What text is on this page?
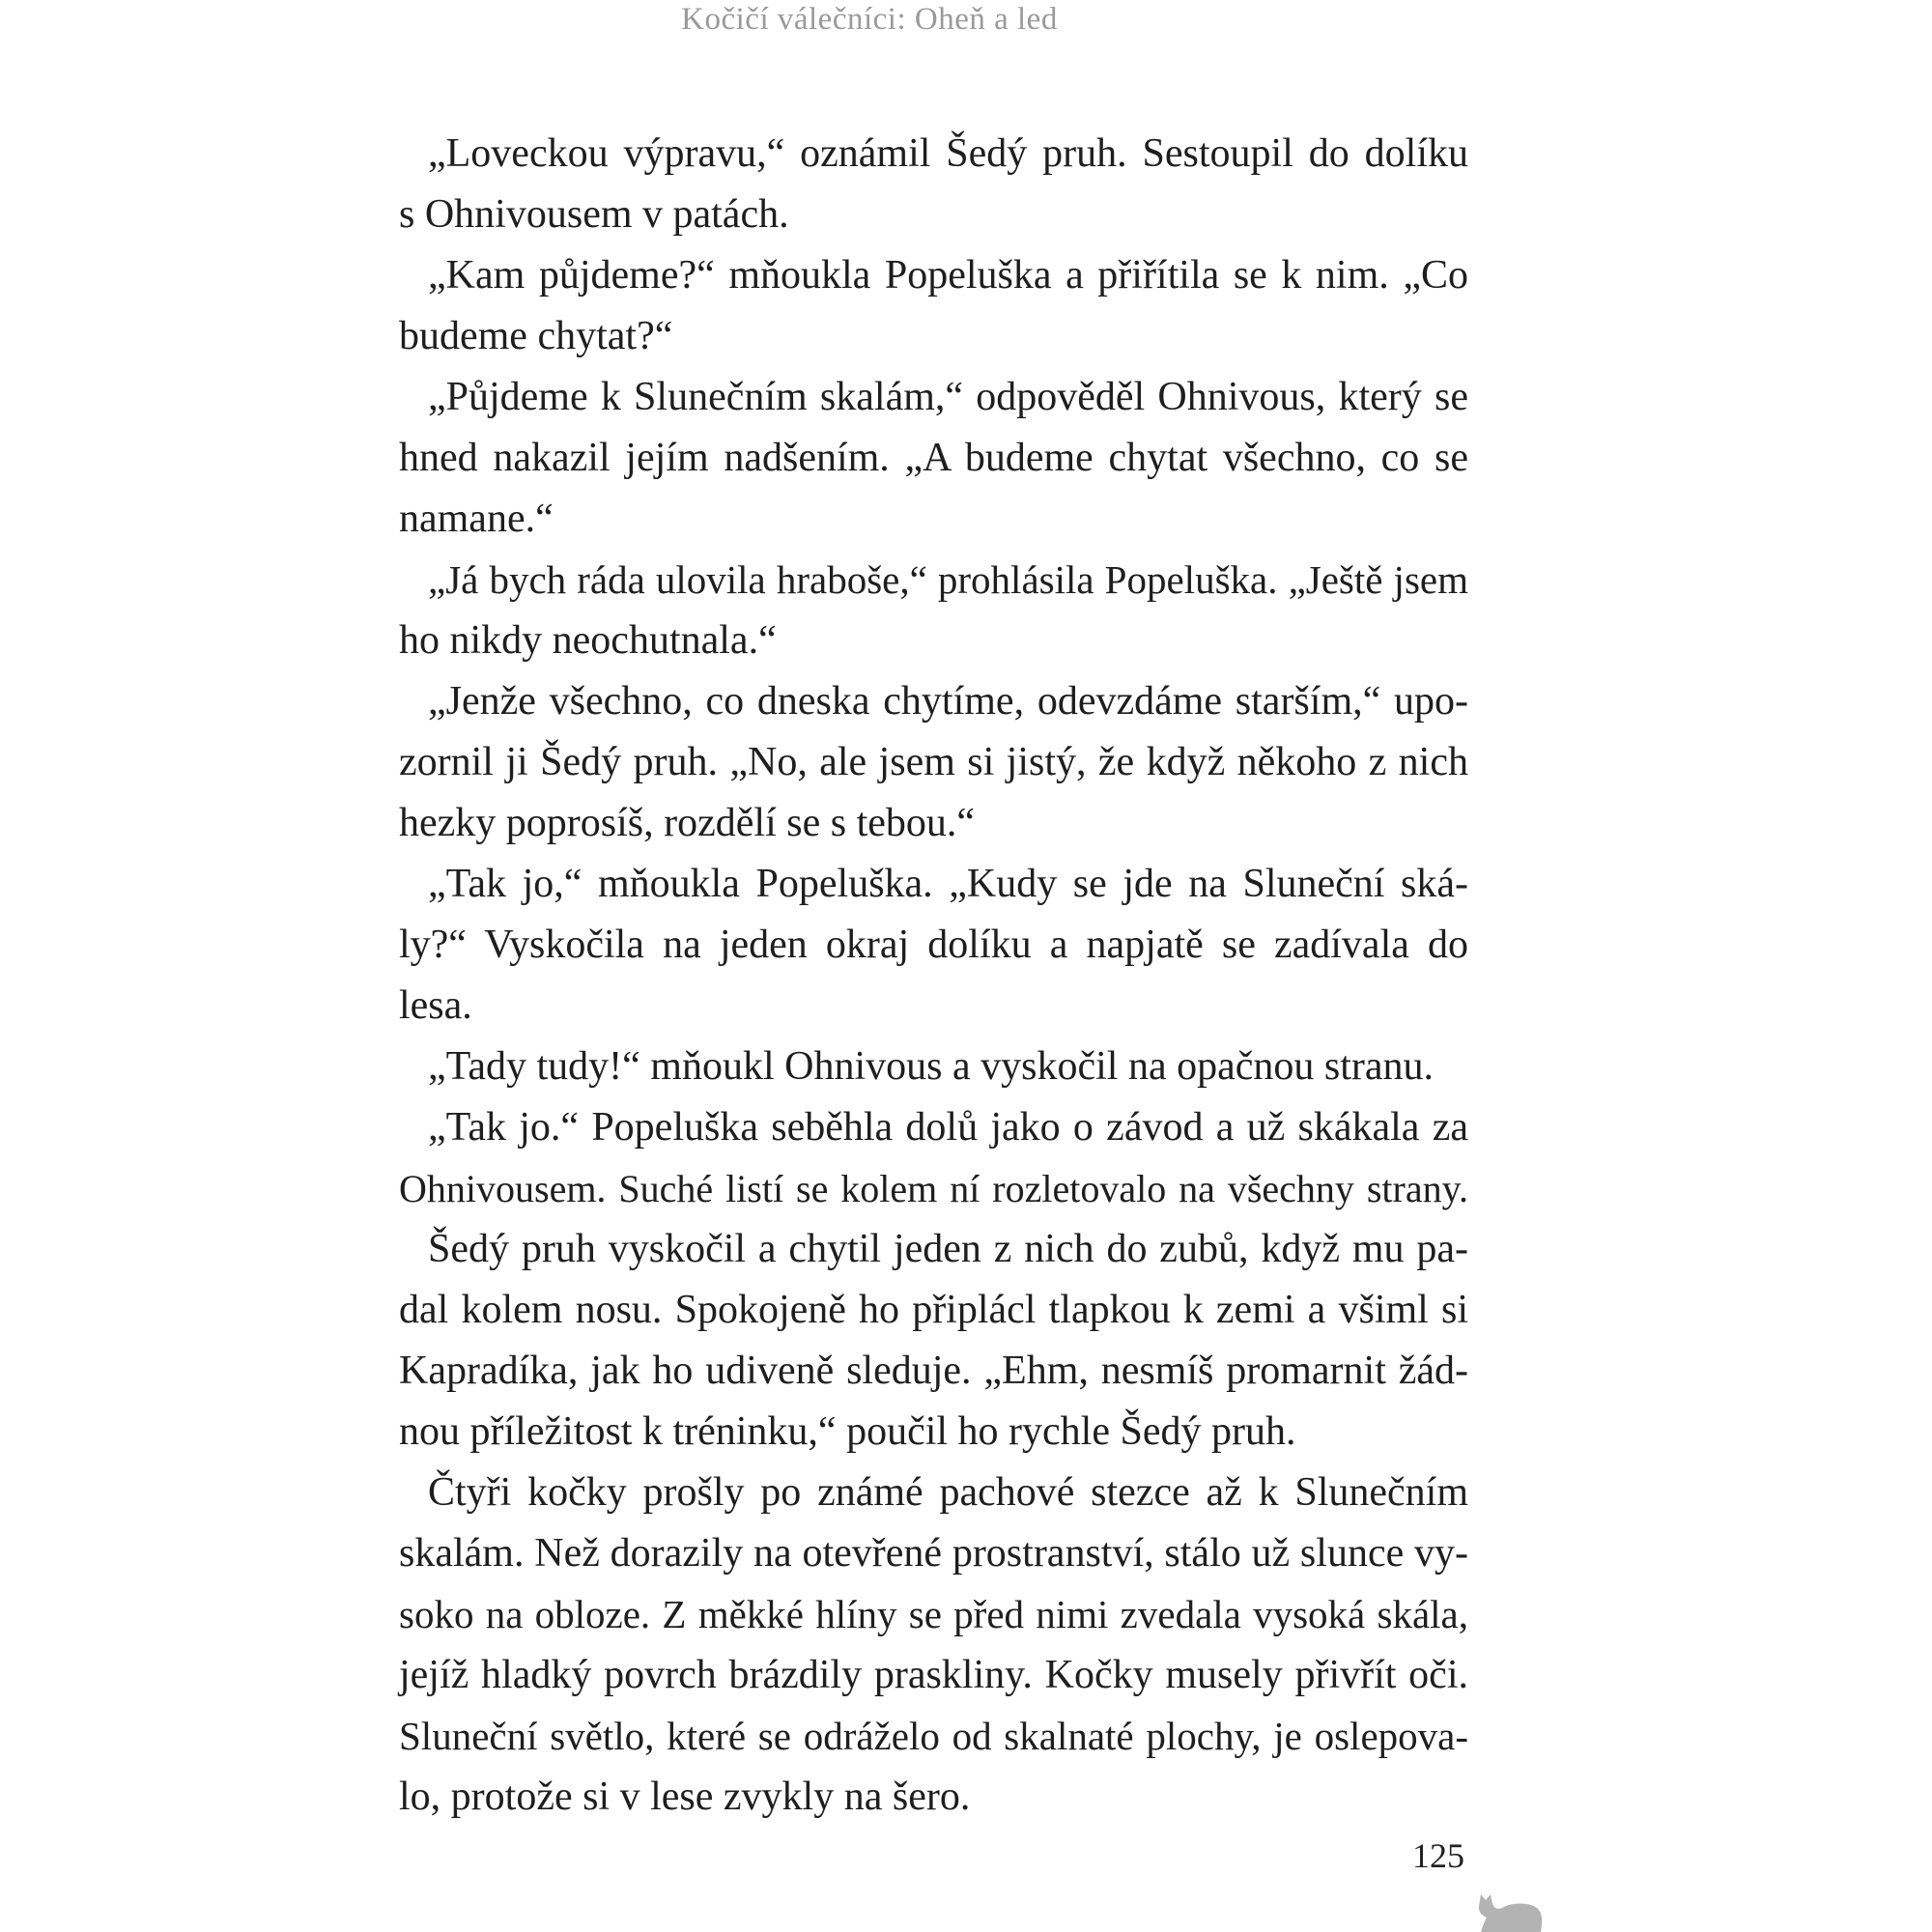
Kočičí válečníci: Oheň a led
„Loveckou výpravu,“ oznámil Šedý pruh. Sestoupil do dolíku
s Ohnivousem v patách.
„Kam půjdeme?“ mňoukla Popeluška a přiřítila se k nim. „Co
budeme chytat?“
„Půjdeme k Slunečním skalám,“ odpověděl Ohnivous, který se
hned nakazil jejím nadšením. „A budeme chytat všechno, co se
namane.“
„Já bych ráda ulovila hraboše,“ prohlásila Popeluška. „Ještě jsem
ho nikdy neochutnala.“
„Jenže všechno, co dneska chytíme, odevzdáme starším,“ upo-
zornil ji Šedý pruh. „No, ale jsem si jistý, že když někoho z nich
hezky poprosíš, rozdělí se s tebou.“
„Tak jo,“ mňoukla Popeluška. „Kudy se jde na Sluneční ská-
ly?“ Vyskočila na jeden okraj dolíku a napjatě se zadívala do
lesa.
„Tady tudy!“ mňoukl Ohnivous a vyskočil na opačnou stranu.
„Tak jo.“ Popeluška seběhla dolů jako o závod a už skákala za
Ohnivousem. Suché listí se kolem ní rozletovalo na všechny strany.
Šedý pruh vyskočil a chytil jeden z nich do zubů, když mu pa-
dal kolem nosu. Spokojeně ho připlácl tlapkou k zemi a všiml si
Kapradíka, jak ho udiveně sleduje. „Ehm, nesmíš promarnit žád-
nou příležitost k tréninku,“ poučil ho rychle Šedý pruh.
Čtyři kočky prošly po známé pachové stezce až k Slunečním
skalám. Než dorazily na otevřené prostranství, stálo už slunce vy-
soko na obloze. Z měkké hlíny se před nimi zvedala vysoká skála,
jejíž hladký povrch brázdily praskliny. Kočky musely přivřít oči.
Sluneční světlo, které se odráželo od skalnaté plochy, je oslepova-
lo, protože si v lese zvykly na šero.
125
